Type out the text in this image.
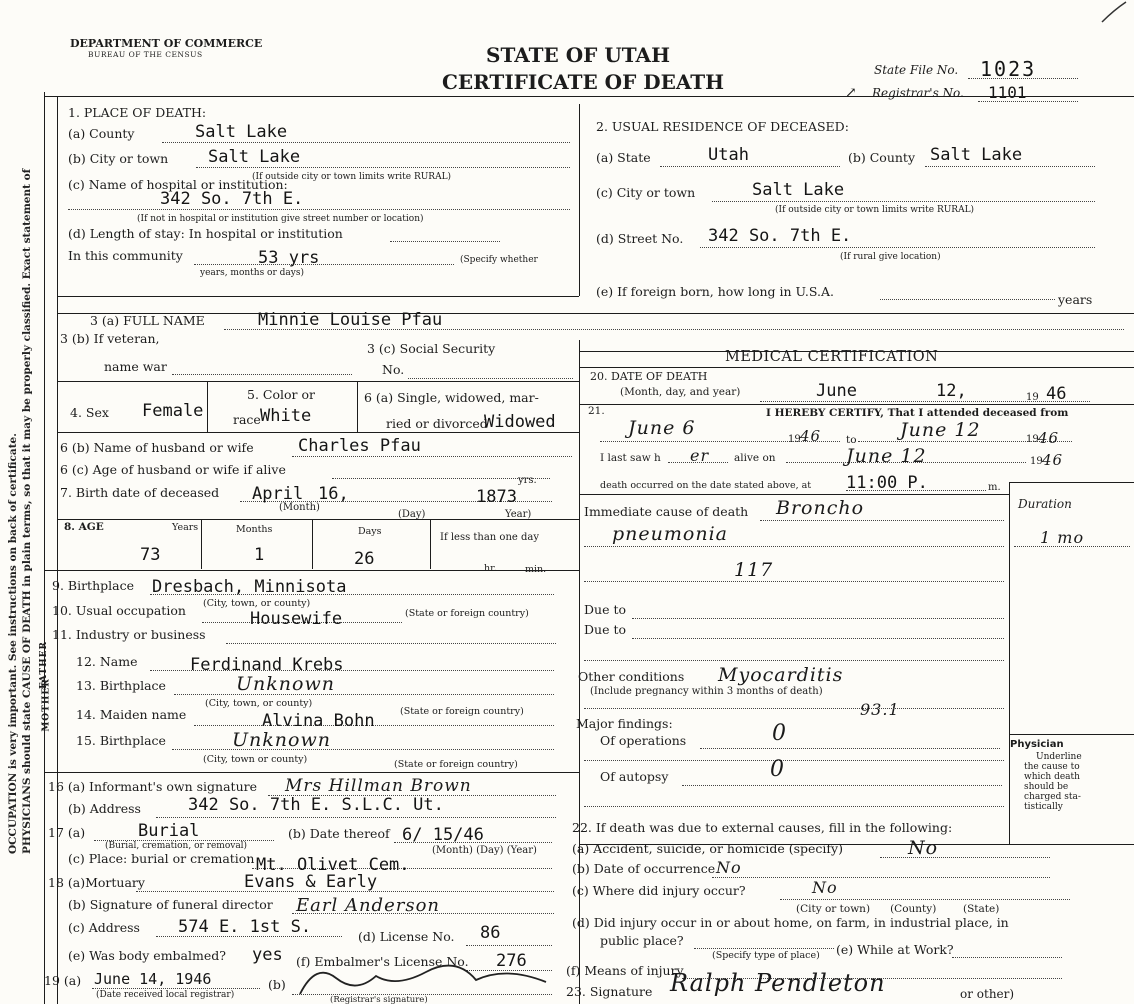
OCCUPATION is very important. See instructions on back of certificate. PHYSICIANS should state CAUSE OF DEATH in plain terms, so that it may be properly classified. Exact statement of
DEPARTMENT OF COMMERCE
BUREAU OF THE CENSUS	STATE OF UTAH
CERTIFICATE OF DEATH	State File No. 1023
Registrar's No. 1101
↗
1. PLACE OF DEATH:
(a) County	Salt Lake
(b) City or town Salt Lake
(If outside city or town limits write RURAL)
(c) Name of hospital or institution:
342 So. 7th E.
(If not in hospital or institution give street number or location)
(d) Length of stay: In hospital or institution
In this community	53 yrs	(Specify whether
years, months or days)
2. USUAL RESIDENCE OF DECEASED:
(a) State	Utah	(b) County Salt Lake
(c) City or town	Salt Lake
(If outside city or town limits write RURAL)
(d) Street No. 342 So. 7th E.
(If rural give location)
(e) If foreign born, how long in U.S.A.
years
3 (a) FULL NAME	Minnie Louise Pfau
3 (b) If veteran,
name war
3 (c) Social Security
No.
MEDICAL CERTIFICATION
4. Sex Female
5. Color or
race White
6 (a) Single, widowed, mar-
ried or divorced
Widowed
6 (b) Name of husband or wife	Charles Pfau
6 (c) Age of husband or wife if alive
yrs.
7. Birth date of deceased April 16,	1873
(Month)
(Day)	Year)
8. AGE	Years	Months	Days
If less than one day
73	1	26	hr.	min.
9. Birthplace Dresbach, Minnisota
(City, town, or county)
(State or foreign country)
10. Usual occupation	Housewife
11. Industry or business
MOTHER
FATHER 12. Name	Ferdinand Krebs
13. Birthplace	Unknown
(City, town, or county)
(State or foreign country)
14. Maiden name	Alvina Bohn
15. Birthplace	Unknown
(City, town or county)	(State or foreign country)
16 (a) Informant's own signature Mrs Hillman Brown
(b) Address	342 So. 7th E. S.L.C. Ut.
17 (a)	Burial
(Burial, cremation, or removal)
(b) Date thereof 6/ 15/46
(Month) (Day) (Year)
(c) Place: burial or cremation Mt. Olivet Cem.
18 (a)Mortuary	Evans & Early
(b) Signature of funeral director Earl Anderson
(c) Address 574 E. 1st S.	(d) License No. 86
(e) Was body embalmed? yes (f) Embalmer's License No. 276
19 (a) June 14, 1946
(Date received local registrar)
(b)
(Registrar's signature)
20. DATE OF DEATH
(Month, day, and year)	June	12,	19 46
21.	I HEREBY CERTIFY, That I attended deceased from
June 6
19 46 to June 12	19 46
I last saw h er alive on	June 12	19 46
death occurred on the date stated above, at 11:00 P.	m.
Duration
Immediate cause of death Broncho
pneumonia	1 mo
117
Due to
Due to
Other conditions Myocarditis
(Include pregnancy within 3 months of death)
93.1
Major findings:
Of operations	0	Physician
Underline
the cause to
which death
should be
charged sta-
tistically
Of autopsy	0
22. If death was due to external causes, fill in the following:
(a) Accident, suicide, or homicide (specify)	No
(b) Date of occurrence No
(c) Where did injury occur?	No
(City or town)      (County)        (State)
(d) Did injury occur in or about home, on farm, in industrial place, in
public place?
(Specify type of place) (e) While at Work?
(f) Means of injury
23. Signature Ralph Pendleton	or other)
